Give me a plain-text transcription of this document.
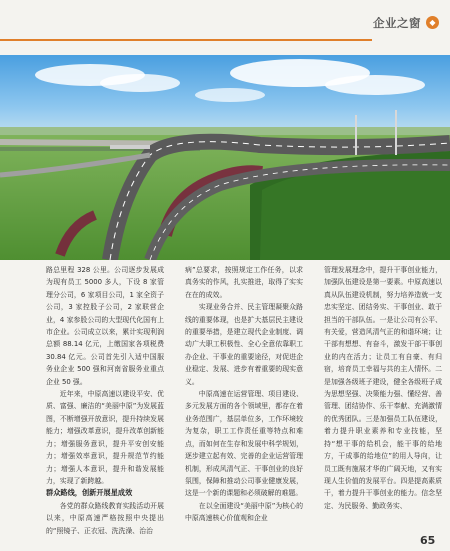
企业之窗	◆

路总里程 328 公里。公司逐步发展成为现有员工 5000 多人，下设 8 家管理分公司，6 家项目公司，1 家全资子公司，3 家控股子公司，2 家联营企业，4 家参股公司的大型现代化国有上市企业。公司成立以来，累计实现利润总额 88.14 亿元，上缴国家各项税费 30.84 亿元。公司首先引入适中国服务业企业 500 强和河南省服务业重点企业 50 强。

近年来，中原高速以建设平安、优质、富强、廉洁的“美丽中原”为发展蓝图，不断增强开放意识，提升持续发展能力；增强改革意识，提升改革创新能力；增强服务意识，提升平安创安能力；增强效率意识，提升规范节约能力；增强人本意识，提升和谐发展能力，实现了新跨越。

群众路线，创新开展星成效

各党的群众路线教育实践活动开展以来，中原高速严格按照中央提出的“照镜子、正衣冠、洗洗澡、治治

病”总要求，按照规定工作任务，以求真务实的作风，扎实推进，取得了实实在在的成效。

实现业务合并、民主管理凝聚众路线的重要体现，也是扩大基层民主建设的重要举措，是建立现代企业制度、调动广大职工积极性、全心全意依靠职工办企业、干事业的重要途径，对促进企业稳定、发展、进步有着重要的现实意义。

中原高速在运营管理、项目建设、多元发展方面的各个领域里，都存在着业务范围广，基层单位多，工作环境较为复杂，职工工作责任重等特点和难点，而如何在生存和发展中科学规划，逐步建立起有效、完善的企业运营管理机制，形成风清气正、干事创业的良好氛围，保障和推动公司事业健康发展，这是一个新的课题和必须破解的难题。

在以全面建设“美丽中原”为核心的中原高速核心价值观和企业

管理发展理念中，提升干事创业能力，加强队伍建设是第一要素。中原高速以真从队伍建设机制，努力培养造就一支忠实坚定、团结务实、干事创业、敢于担当的干部队伍。一是让公司有公平、有关爱，营造风清气正的和谐环境；让干部有想想、有奋斗，激发干部干事创业的内在活力；让员工有自豪、有归宿，培育员工幸福与共的主人情怀。二是加强各级班子建设，健全各级班子成为思想坚强、决策能力强、懂经营、善管理、团结协作、乐干奉献、充满激情的优秀团队。三是加强员工队伍建设，着力提升职业素养和专业技能，坚持“想干事的给机会，能干事的给地方，干成事的给地位”的用人导向，让员工既有施展才华的广阔天地，又有实现人生价值的发展平台。四是提高素质干，着力提升干事创业的能力。信念坚定、为民服务、勤政务实、

65
